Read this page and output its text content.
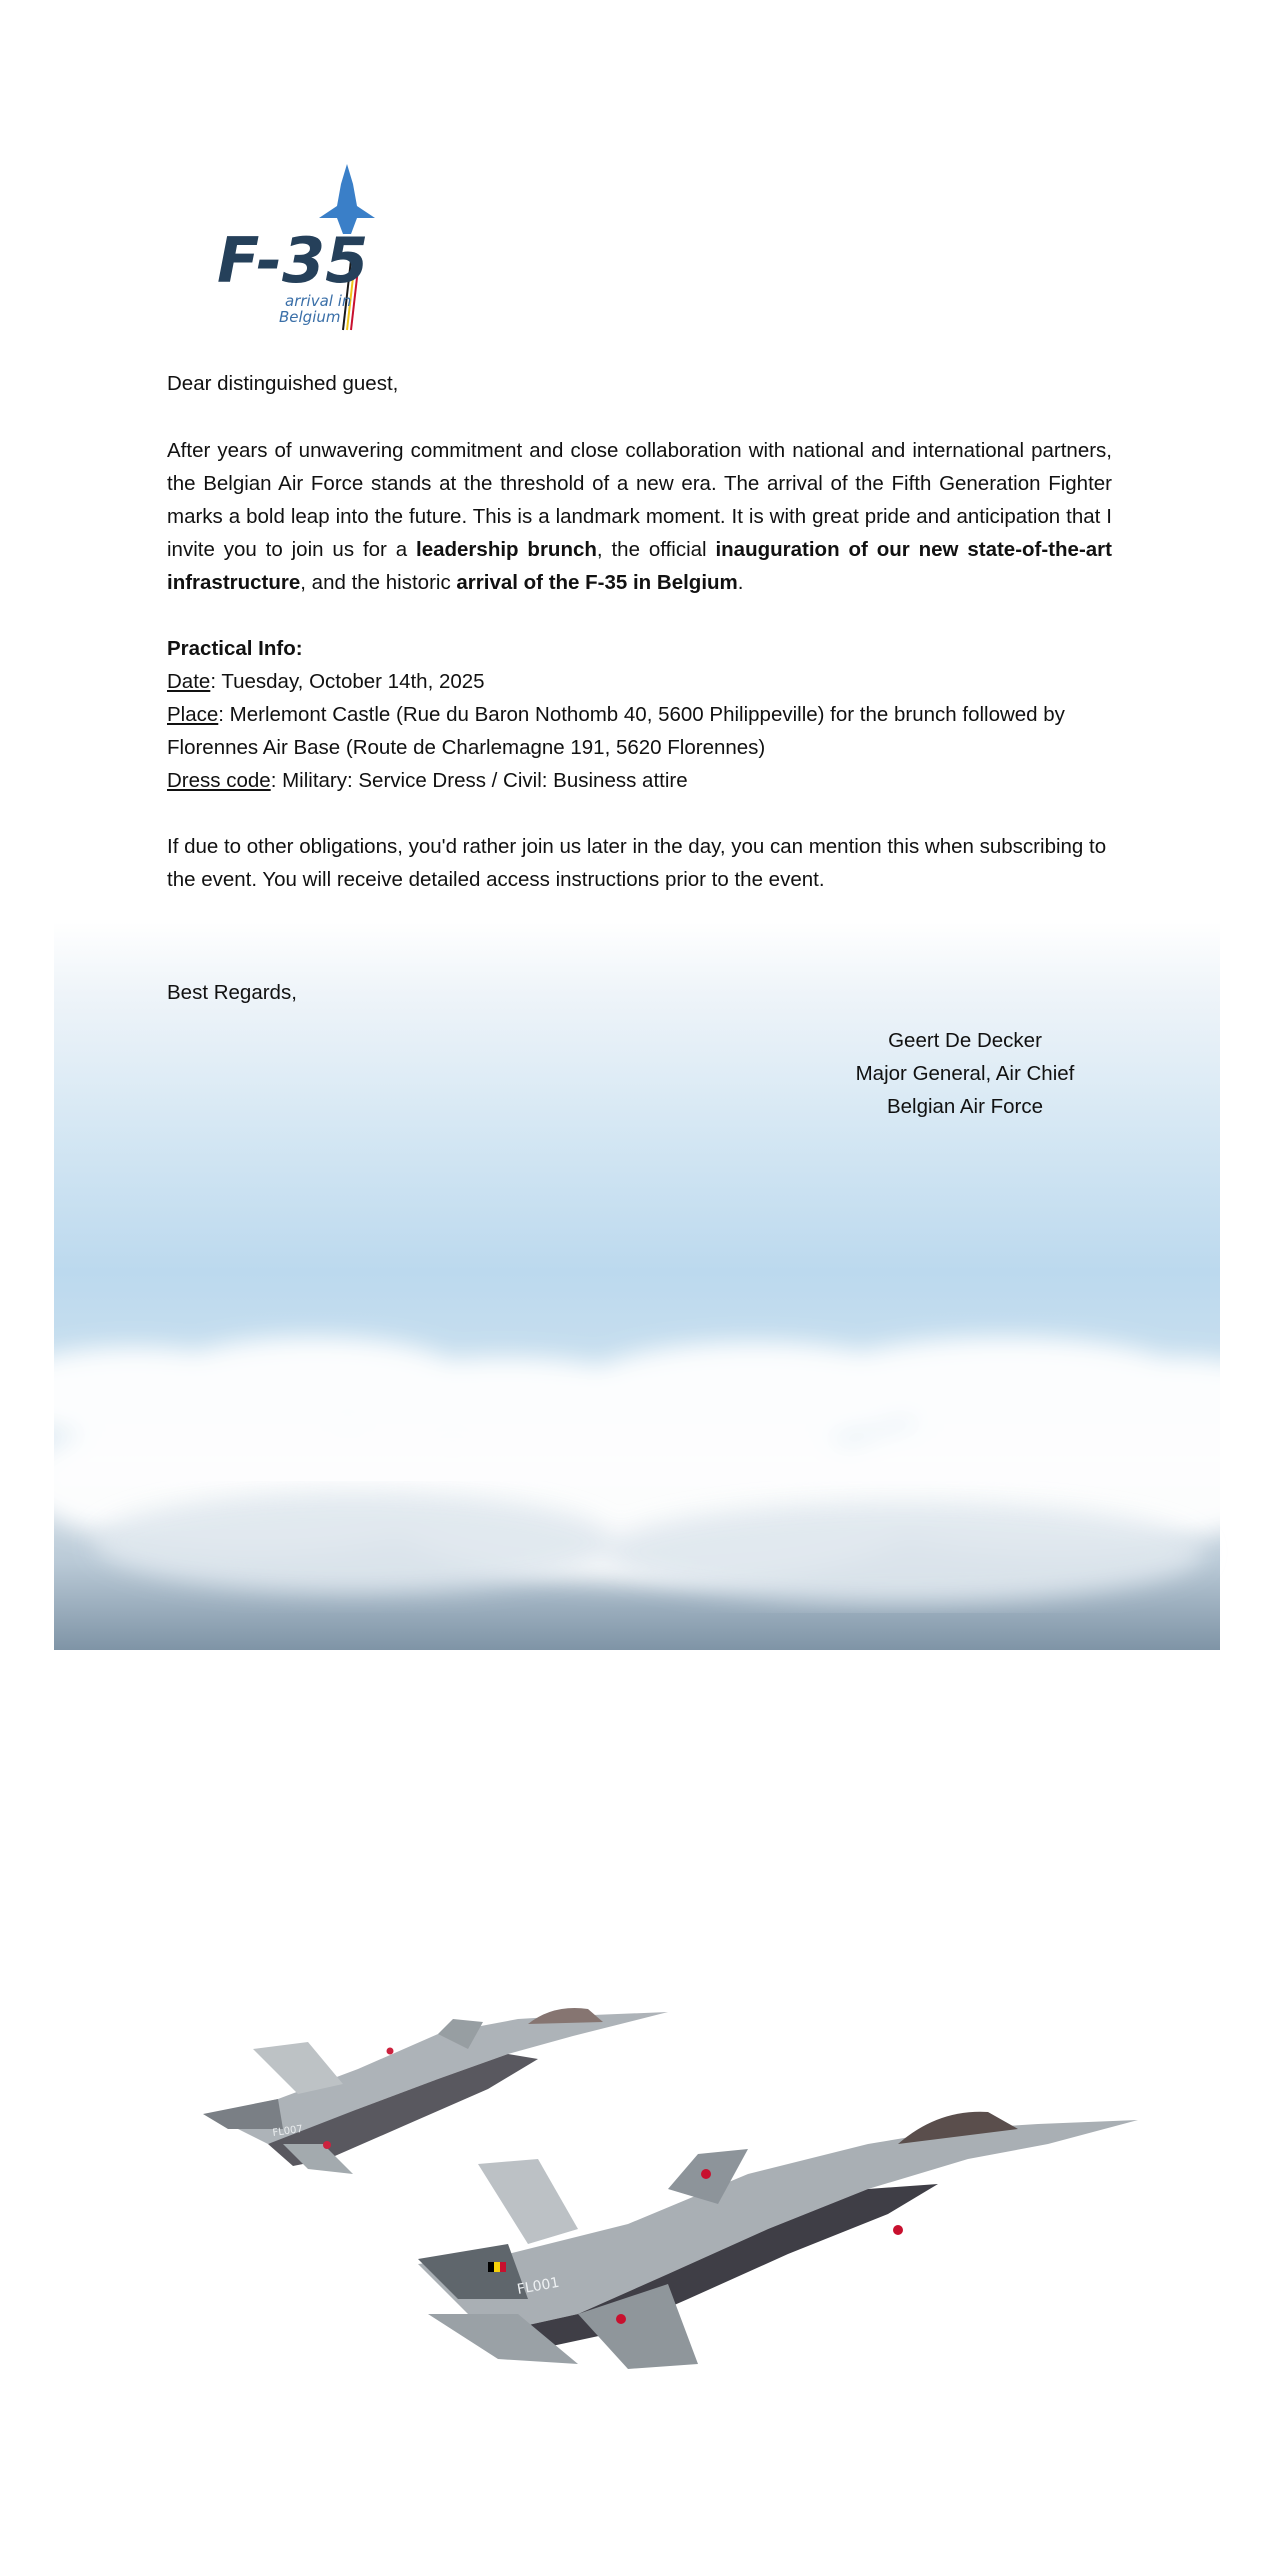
FL007
FL001
F-35
arrival in
Belgium
Dear distinguished guest,
After years of unwavering commitment and close collaboration with national and international partners, the Belgian Air Force stands at the threshold of a new era. The arrival of the Fifth Generation Fighter marks a bold leap into the future. This is a landmark moment. It is with great pride and anticipation that I invite you to join us for a leadership brunch, the official inauguration of our new state-of-the-art infrastructure, and the historic arrival of the F-35 in Belgium.
Practical Info:
Date: Tuesday, October 14th, 2025
Place: Merlemont Castle (Rue du Baron Nothomb 40, 5600 Philippeville) for the brunch followed by Florennes Air Base (Route de Charlemagne 191, 5620 Florennes)
Dress code: Military: Service Dress / Civil: Business attire
If due to other obligations, you'd rather join us later in the day, you can mention this when subscribing to the event. You will receive detailed access instructions prior to the event.
Best Regards,
Geert De Decker
Major General, Air Chief
Belgian Air Force
